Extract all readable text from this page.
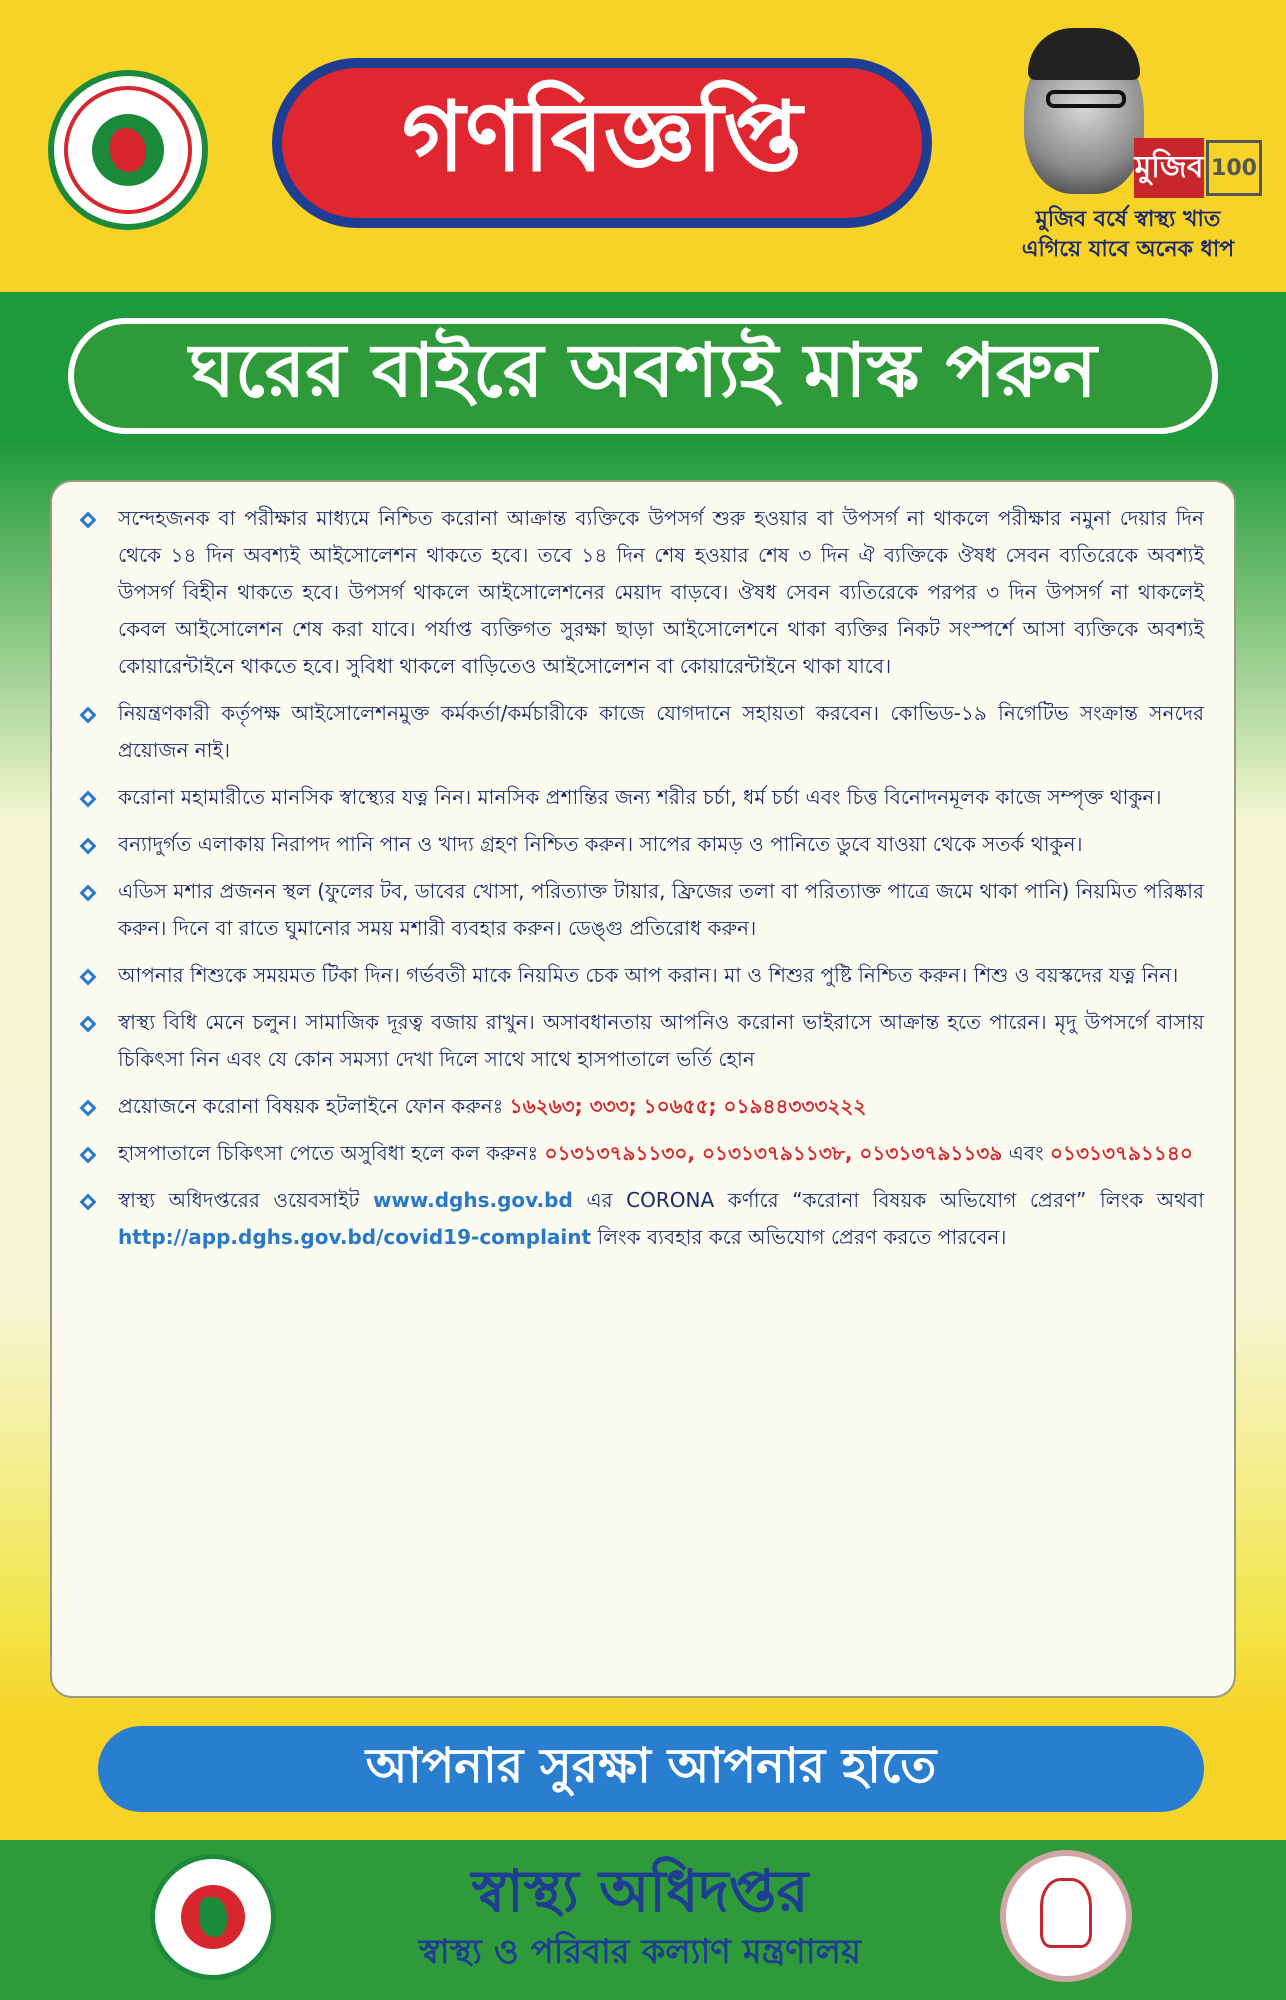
গণবিজ্ঞপ্তি	মুজিব 100
মুজিব বর্ষে স্বাস্থ্য খাত
এগিয়ে যাবে অনেক ধাপ
ঘরের বাইরে অবশ্যই মাস্ক পরুন
সন্দেহজনক বা পরীক্ষার মাধ্যমে নিশ্চিত করোনা আক্রান্ত ব্যক্তিকে উপসর্গ শুরু হওয়ার বা উপসর্গ না থাকলে পরীক্ষার নমুনা দেয়ার দিন থেকে ১৪ দিন অবশ্যই আইসোলেশন থাকতে হবে। তবে ১৪ দিন শেষ হওয়ার শেষ ৩ দিন ঐ ব্যক্তিকে ঔষধ সেবন ব্যতিরেকে অবশ্যই উপসর্গ বিহীন থাকতে হবে। উপসর্গ থাকলে আইসোলেশনের মেয়াদ বাড়বে। ঔষধ সেবন ব্যতিরেকে পরপর ৩ দিন উপসর্গ না থাকলেই কেবল আইসোলেশন শেষ করা যাবে। পর্যাপ্ত ব্যক্তিগত সুরক্ষা ছাড়া আইসোলেশনে থাকা ব্যক্তির নিকট সংস্পর্শে আসা ব্যক্তিকে অবশ্যই কোয়ারেন্টাইনে থাকতে হবে। সুবিধা থাকলে বাড়িতেও আইসোলেশন বা কোয়ারেন্টাইনে থাকা যাবে।
নিয়ন্ত্রণকারী কর্তৃপক্ষ আইসোলেশনমুক্ত কর্মকর্তা/কর্মচারীকে কাজে যোগদানে সহায়তা করবেন। কোভিড-১৯ নিগেটিভ সংক্রান্ত সনদের প্রয়োজন নাই।
করোনা মহামারীতে মানসিক স্বাস্থ্যের যত্ন নিন। মানসিক প্রশান্তির জন্য শরীর চর্চা, ধর্ম চর্চা এবং চিত্ত বিনোদনমূলক কাজে সম্পৃক্ত থাকুন।
বন্যাদুর্গত এলাকায় নিরাপদ পানি পান ও খাদ্য গ্রহণ নিশ্চিত করুন। সাপের কামড় ও পানিতে ডুবে যাওয়া থেকে সতর্ক থাকুন।
এডিস মশার প্রজনন স্থল (ফুলের টব, ডাবের খোসা, পরিত্যাক্ত টায়ার, ফ্রিজের তলা বা পরিত্যাক্ত পাত্রে জমে থাকা পানি) নিয়মিত পরিষ্কার করুন। দিনে বা রাতে ঘুমানোর সময় মশারী ব্যবহার করুন। ডেঙ্গু প্রতিরোধ করুন।
আপনার শিশুকে সময়মত টিকা দিন। গর্ভবতী মাকে নিয়মিত চেক আপ করান। মা ও শিশুর পুষ্টি নিশ্চিত করুন। শিশু ও বয়স্কদের যত্ন নিন।
স্বাস্থ্য বিধি মেনে চলুন। সামাজিক দূরত্ব বজায় রাখুন। অসাবধানতায় আপনিও করোনা ভাইরাসে আক্রান্ত হতে পারেন। মৃদু উপসর্গে বাসায় চিকিৎসা নিন এবং যে কোন সমস্যা দেখা দিলে সাথে সাথে হাসপাতালে ভর্তি হোন
প্রয়োজনে করোনা বিষয়ক হটলাইনে ফোন করুনঃ ১৬২৬৩; ৩৩৩; ১০৬৫৫; ০১৯৪৪৩৩৩২২২
হাসপাতালে চিকিৎসা পেতে অসুবিধা হলে কল করুনঃ ০১৩১৩৭৯১১৩০, ০১৩১৩৭৯১১৩৮, ০১৩১৩৭৯১১৩৯ এবং ০১৩১৩৭৯১১৪০
স্বাস্থ্য অধিদপ্তরের ওয়েবসাইট www.dghs.gov.bd এর CORONA কর্ণারে “করোনা বিষয়ক অভিযোগ প্রেরণ” লিংক অথবা http://app.dghs.gov.bd/covid19-complaint লিংক ব্যবহার করে অভিযোগ প্রেরণ করতে পারবেন।
আপনার সুরক্ষা আপনার হাতে
স্বাস্থ্য অধিদপ্তর
স্বাস্থ্য ও পরিবার কল্যাণ মন্ত্রণালয়
